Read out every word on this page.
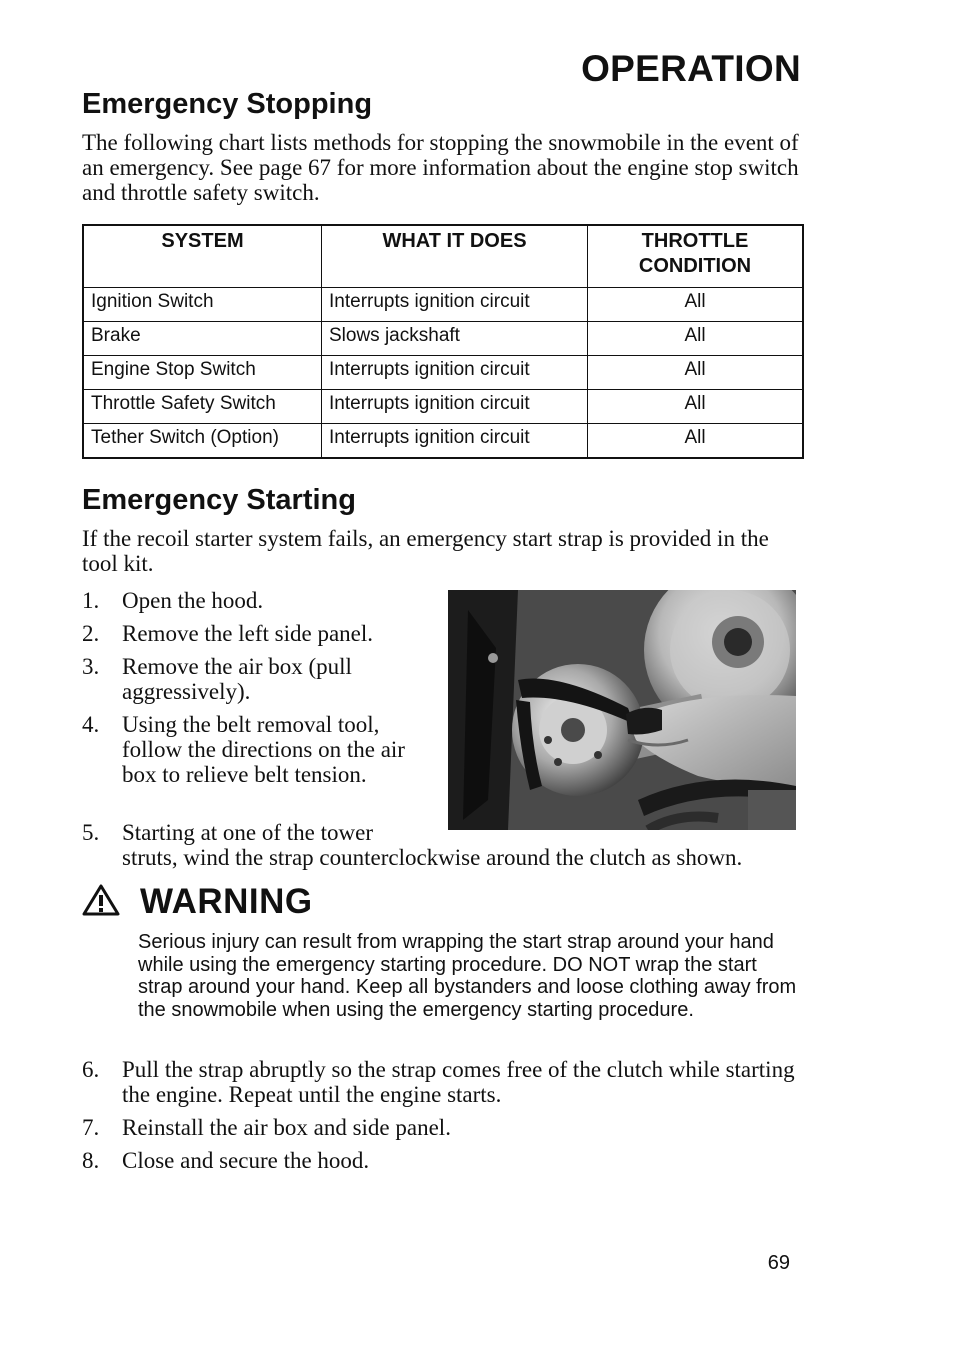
OPERATION
Emergency Stopping
The following chart lists methods for stopping the snowmobile in the event of an emergency. See page 67 for more information about the engine stop switch and throttle safety switch.
SYSTEM	WHAT IT DOES	THROTTLE CONDITION
Ignition Switch	Interrupts ignition circuit	All
Brake	Slows jackshaft	All
Engine Stop Switch	Interrupts ignition circuit	All
Throttle Safety Switch	Interrupts ignition circuit	All
Tether Switch (Option)	Interrupts ignition circuit	All
Emergency Starting
If the recoil starter system fails, an emergency start strap is provided in the tool kit.
1. Open the hood.
2. Remove the left side panel.
3. Remove the air box (pull aggressively).
4. Using the belt removal tool, follow the directions on the air box to relieve belt tension.
5. Starting at one of the tower
struts, wind the strap counterclockwise around the clutch as shown.
WARNING
Serious injury can result from wrapping the start strap around your hand while using the emergency starting procedure. DO NOT wrap the start strap around your hand. Keep all bystanders and loose clothing away from the snowmobile when using the emergency starting procedure.
6. Pull the strap abruptly so the strap comes free of the clutch while starting the engine. Repeat until the engine starts.
7. Reinstall the air box and side panel.
8. Close and secure the hood.
69
